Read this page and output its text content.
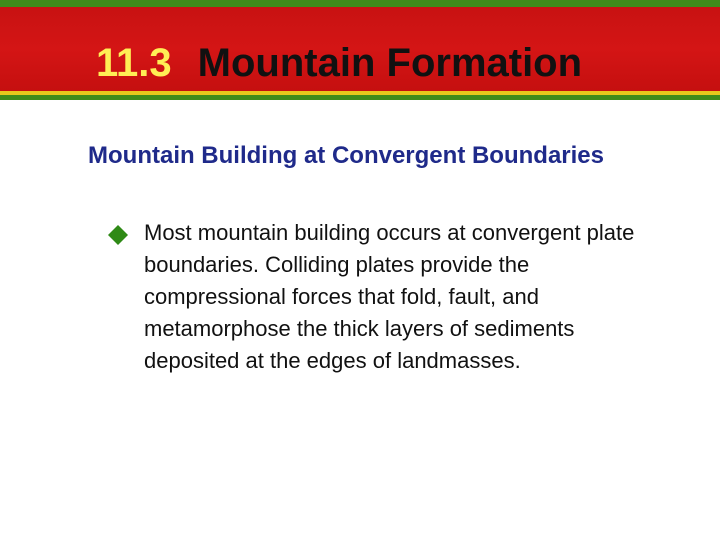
11.3 Mountain Formation
Mountain Building at Convergent Boundaries
Most mountain building occurs at convergent plate boundaries. Colliding plates provide the compressional forces that fold, fault, and metamorphose the thick layers of sediments deposited at the edges of landmasses.
